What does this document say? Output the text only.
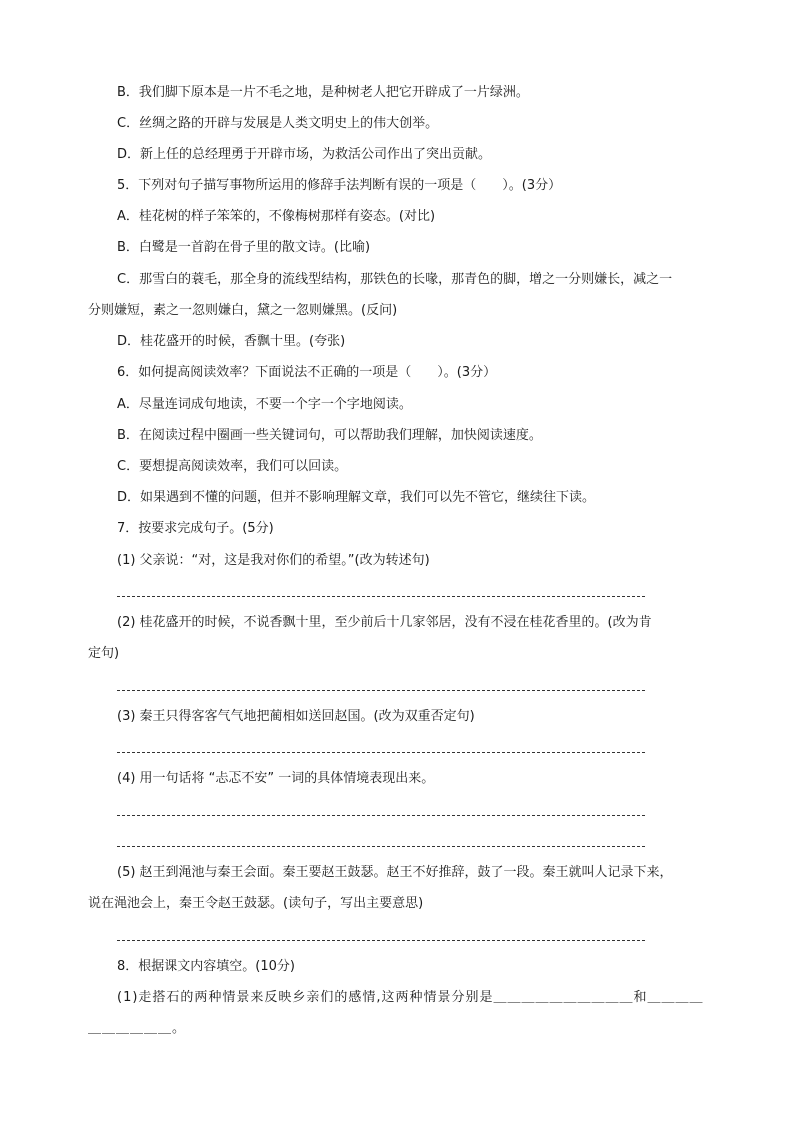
B．我们脚下原本是一片不毛之地，是种树老人把它开辟成了一片绿洲。
C．丝绸之路的开辟与发展是人类文明史上的伟大创举。
D．新上任的总经理勇于开辟市场，为救活公司作出了突出贡献。
5．下列对句子描写事物所运用的修辞手法判断有误的一项是（　　）。(3分）
A．桂花树的样子笨笨的，不像梅树那样有姿态。(对比)
B．白鹭是一首韵在骨子里的散文诗。(比喻)
C．那雪白的蓑毛，那全身的流线型结构，那铁色的长喙，那青色的脚，增之一分则嫌长，减之一
分则嫌短，素之一忽则嫌白，黛之一忽则嫌黑。(反问)
D．桂花盛开的时候，香飘十里。(夸张)
6．如何提高阅读效率？下面说法不正确的一项是（　　）。(3分）
A．尽量连词成句地读，不要一个字一个字地阅读。
B．在阅读过程中圈画一些关键词句，可以帮助我们理解，加快阅读速度。
C．要想提高阅读效率，我们可以回读。
D．如果遇到不懂的问题，但并不影响理解文章，我们可以先不管它，继续往下读。
7．按要求完成句子。(5分)
(1) 父亲说：“对，这是我对你们的希望。”(改为转述句)
(2) 桂花盛开的时候，不说香飘十里，至少前后十几家邻居，没有不浸在桂花香里的。(改为肯
定句)
(3) 秦王只得客客气气地把蔺相如送回赵国。(改为双重否定句)
(4) 用一句话将 “忐忑不安” 一词的具体情境表现出来。
(5) 赵王到渑池与秦王会面。秦王要赵王鼓瑟。赵王不好推辞，鼓了一段。秦王就叫人记录下来，
说在渑池会上，秦王令赵王鼓瑟。(读句子，写出主要意思)
8．根据课文内容填空。(10分)
(1)走搭石的两种情景来反映乡亲们的感情,这两种情景分别是＿＿＿＿＿＿＿＿＿＿和＿＿＿＿
＿＿＿＿＿＿。
